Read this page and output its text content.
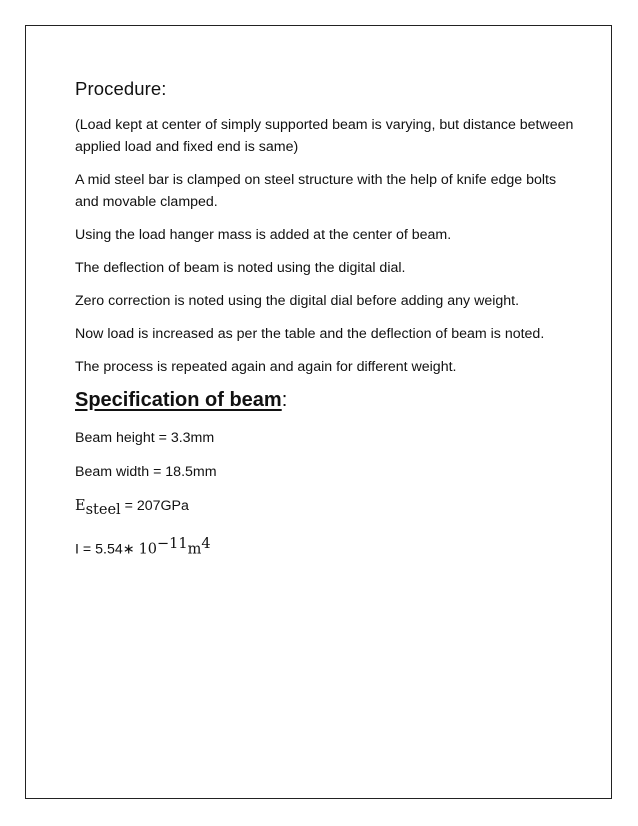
Procedure:

(Load kept at center of simply supported beam is varying, but distance between applied load and fixed end is same)

A mid steel bar is clamped on steel structure with the help of knife edge bolts and movable clamped.

Using the load hanger mass is added at the center of beam.

The deflection of beam is noted using the digital dial.

Zero correction is noted using the digital dial before adding any weight.

Now load is increased as per the table and the deflection of beam is noted.

The process is repeated again and again for different weight.

Specification of beam:
Beam height = 3.3mm
Beam width = 18.5mm
$E_{steel} = 207GPa$
I = 5.54∗ $10^{-11}m^4$
